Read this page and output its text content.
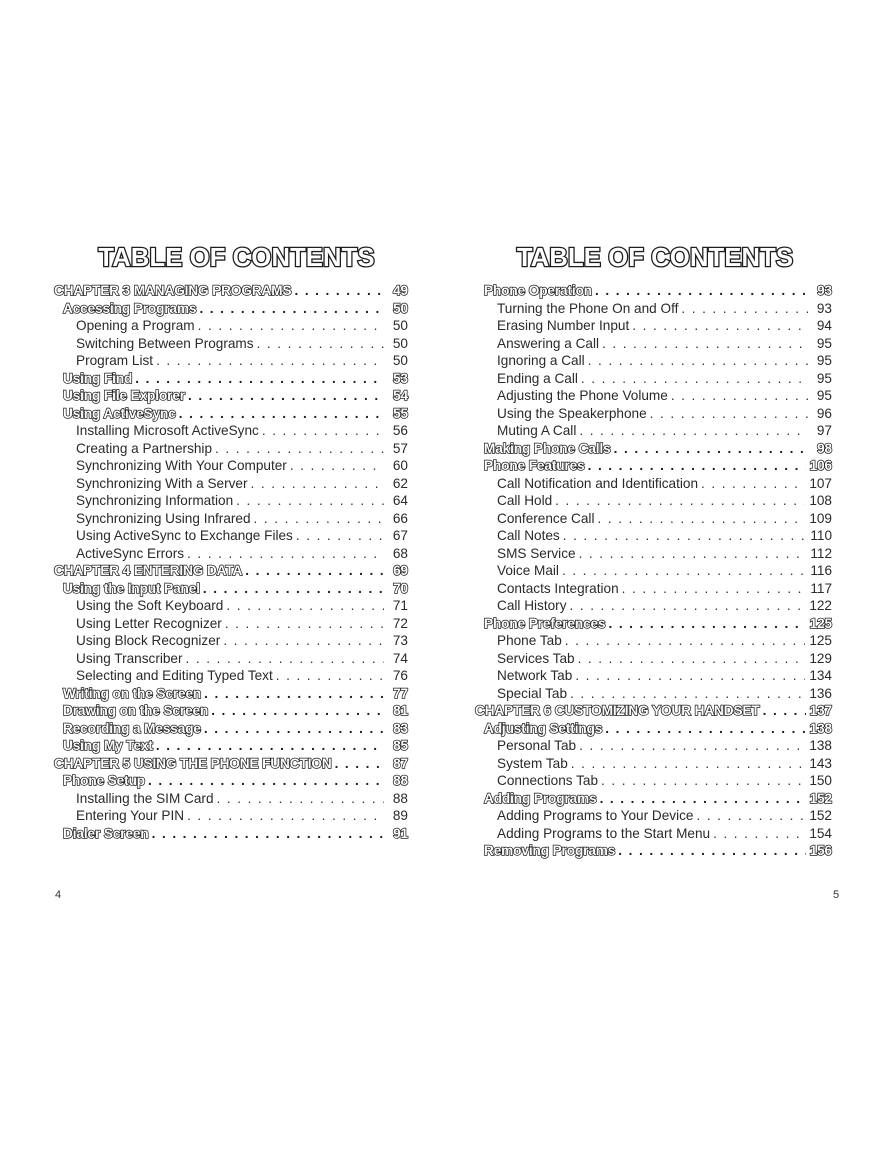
TABLE OF CONTENTS
CHAPTER 3 MANAGING PROGRAMS . . .	49
Accessing Programs . . .	50
Opening a Program . . .	50
Switching Between Programs . . .	50
Program List . . .	50
Using Find . . .	53
Using File Explorer . . .	54
Using ActiveSync . . .	55
Installing Microsoft ActiveSync . . .	56
Creating a Partnership . . .	57
Synchronizing With Your Computer . . .	60
Synchronizing With a Server . . .	62
Synchronizing Information . . .	64
Synchronizing Using Infrared . . .	66
Using ActiveSync to Exchange Files . . .	67
ActiveSync Errors . . .	68
CHAPTER 4 ENTERING DATA . . .	69
Using the Input Panel . . .	70
Using the Soft Keyboard . . .	71
Using Letter Recognizer . . .	72
Using Block Recognizer . . .	73
Using Transcriber . . .	74
Selecting and Editing Typed Text . . .	76
Writing on the Screen . . .	77
Drawing on the Screen . . .	81
Recording a Message . . .	83
Using My Text . . .	85
CHAPTER 5 USING THE PHONE FUNCTION . . .	87
Phone Setup . . .	88
Installing the SIM Card . . .	88
Entering Your PIN . . .	89
Dialer Screen . . .	91
4
TABLE OF CONTENTS
Phone Operation . . .	93
Turning the Phone On and Off . . .	93
Erasing Number Input . . .	94
Answering a Call . . .	95
Ignoring a Call . . .	95
Ending a Call . . .	95
Adjusting the Phone Volume . . .	95
Using the Speakerphone . . .	96
Muting A Call . . .	97
Making Phone Calls . . .	98
Phone Features . . .	106
Call Notification and Identification . . .	107
Call Hold . . .	108
Conference Call . . .	109
Call Notes . . .	110
SMS Service . . .	112
Voice Mail . . .	116
Contacts Integration . . .	117
Call History . . .	122
Phone Preferences . . .	125
Phone Tab . . .	125
Services Tab . . .	129
Network Tab . . .	134
Special Tab . . .	136
CHAPTER 6 CUSTOMIZING YOUR HANDSET . . .	137
Adjusting Settings . . .	138
Personal Tab . . .	138
System Tab . . .	143
Connections Tab . . .	150
Adding Programs . . .	152
Adding Programs to Your Device . . .	152
Adding Programs to the Start Menu . . .	154
Removing Programs . . .	156
5
